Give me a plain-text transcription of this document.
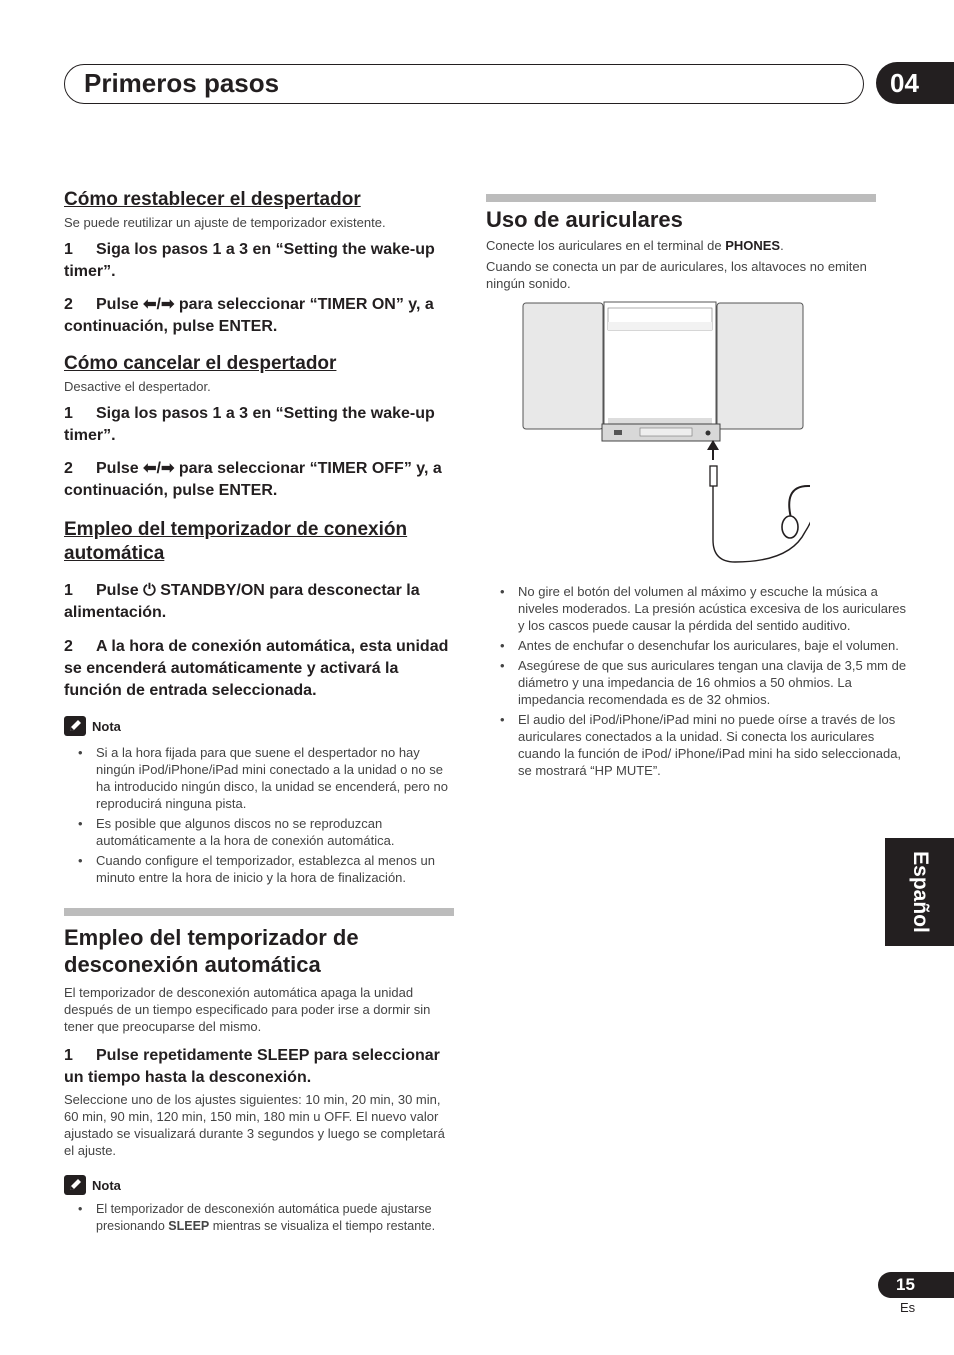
Primeros pasos	04
Cómo restablecer el despertador
Se puede reutilizar un ajuste de temporizador existente.
1 Siga los pasos 1 a 3 en “Setting the wake-up timer”.
2 Pulse ⬅/➡ para seleccionar “TIMER ON” y, a continuación, pulse ENTER.
Cómo cancelar el despertador
Desactive el despertador.
1 Siga los pasos 1 a 3 en “Setting the wake-up timer”.
2 Pulse ⬅/➡ para seleccionar “TIMER OFF” y, a continuación, pulse ENTER.
Empleo del temporizador de conexión automática
1 Pulse ⏻ STANDBY/ON para desconectar la alimentación.
2 A la hora de conexión automática, esta unidad se encenderá automáticamente y activará la función de entrada seleccionada.
Nota
• Si a la hora fijada para que suene el despertador no hay ningún iPod/iPhone/iPad mini conectado a la unidad o no se ha introducido ningún disco, la unidad se encenderá, pero no reproducirá ninguna pista.
• Es posible que algunos discos no se reproduzcan automáticamente a la hora de conexión automática.
• Cuando configure el temporizador, establezca al menos un minuto entre la hora de inicio y la hora de finalización.
Empleo del temporizador de desconexión automática
El temporizador de desconexión automática apaga la unidad después de un tiempo especificado para poder irse a dormir sin tener que preocuparse del mismo.
1 Pulse repetidamente SLEEP para seleccionar un tiempo hasta la desconexión.
Seleccione uno de los ajustes siguientes: 10 min, 20 min, 30 min, 60 min, 90 min, 120 min, 150 min, 180 min u OFF. El nuevo valor ajustado se visualizará durante 3 segundos y luego se completará el ajuste.
Nota
• El temporizador de desconexión automática puede ajustarse presionando SLEEP mientras se visualiza el tiempo restante.
Uso de auriculares
Conecte los auriculares en el terminal de PHONES.
Cuando se conecta un par de auriculares, los altavoces no emiten ningún sonido.
• No gire el botón del volumen al máximo y escuche la música a niveles moderados. La presión acústica excesiva de los auriculares y los cascos puede causar la pérdida del sentido auditivo.
• Antes de enchufar o desenchufar los auriculares, baje el volumen.
• Asegúrese de que sus auriculares tengan una clavija de 3,5 mm de diámetro y una impedancia de 16 ohmios a 50 ohmios. La impedancia recomendada es de 32 ohmios.
• El audio del iPod/iPhone/iPad mini no puede oírse a través de los auriculares conectados a la unidad. Si conecta los auriculares cuando la función de iPod/ iPhone/iPad mini ha sido seleccionada, se mostrará “HP MUTE”.
Español
15
Es
